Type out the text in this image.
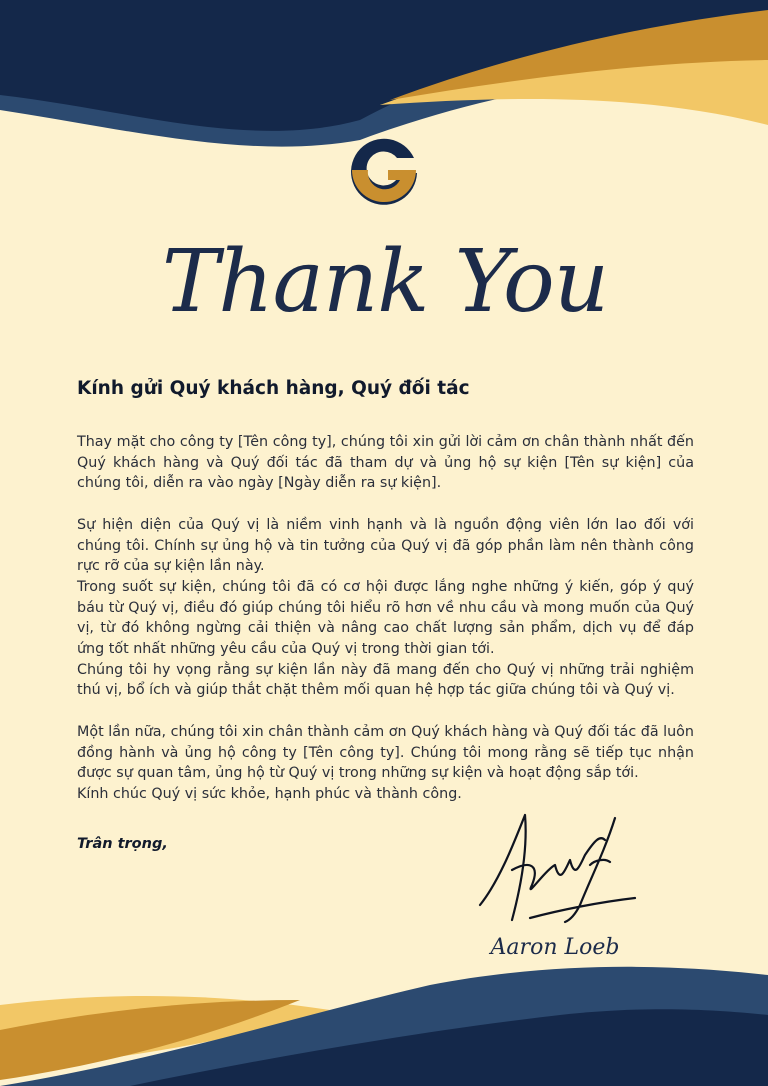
Thank You
Kính gửi Quý khách hàng, Quý đối tác

Thay mặt cho công ty [Tên công ty], chúng tôi xin gửi lời cảm ơn chân thành nhất đến Quý khách hàng và Quý đối tác đã tham dự và ủng hộ sự kiện [Tên sự kiện] của chúng tôi, diễn ra vào ngày [Ngày diễn ra sự kiện].

Sự hiện diện của Quý vị là niềm vinh hạnh và là nguồn động viên lớn lao đối với chúng tôi. Chính sự ủng hộ và tin tưởng của Quý vị đã góp phần làm nên thành công rực rỡ của sự kiện lần này.

Trong suốt sự kiện, chúng tôi đã có cơ hội được lắng nghe những ý kiến, góp ý quý báu từ Quý vị, điều đó giúp chúng tôi hiểu rõ hơn về nhu cầu và mong muốn của Quý vị, từ đó không ngừng cải thiện và nâng cao chất lượng sản phẩm, dịch vụ để đáp ứng tốt nhất những yêu cầu của Quý vị trong thời gian tới.

Chúng tôi hy vọng rằng sự kiện lần này đã mang đến cho Quý vị những trải nghiệm thú vị, bổ ích và giúp thắt chặt thêm mối quan hệ hợp tác giữa chúng tôi và Quý vị.

Một lần nữa, chúng tôi xin chân thành cảm ơn Quý khách hàng và Quý đối tác đã luôn đồng hành và ủng hộ công ty [Tên công ty]. Chúng tôi mong rằng sẽ tiếp tục nhận được sự quan tâm, ủng hộ từ Quý vị trong những sự kiện và hoạt động sắp tới.

Kính chúc Quý vị sức khỏe, hạnh phúc và thành công.

Trân trọng,
Aaron Loeb
